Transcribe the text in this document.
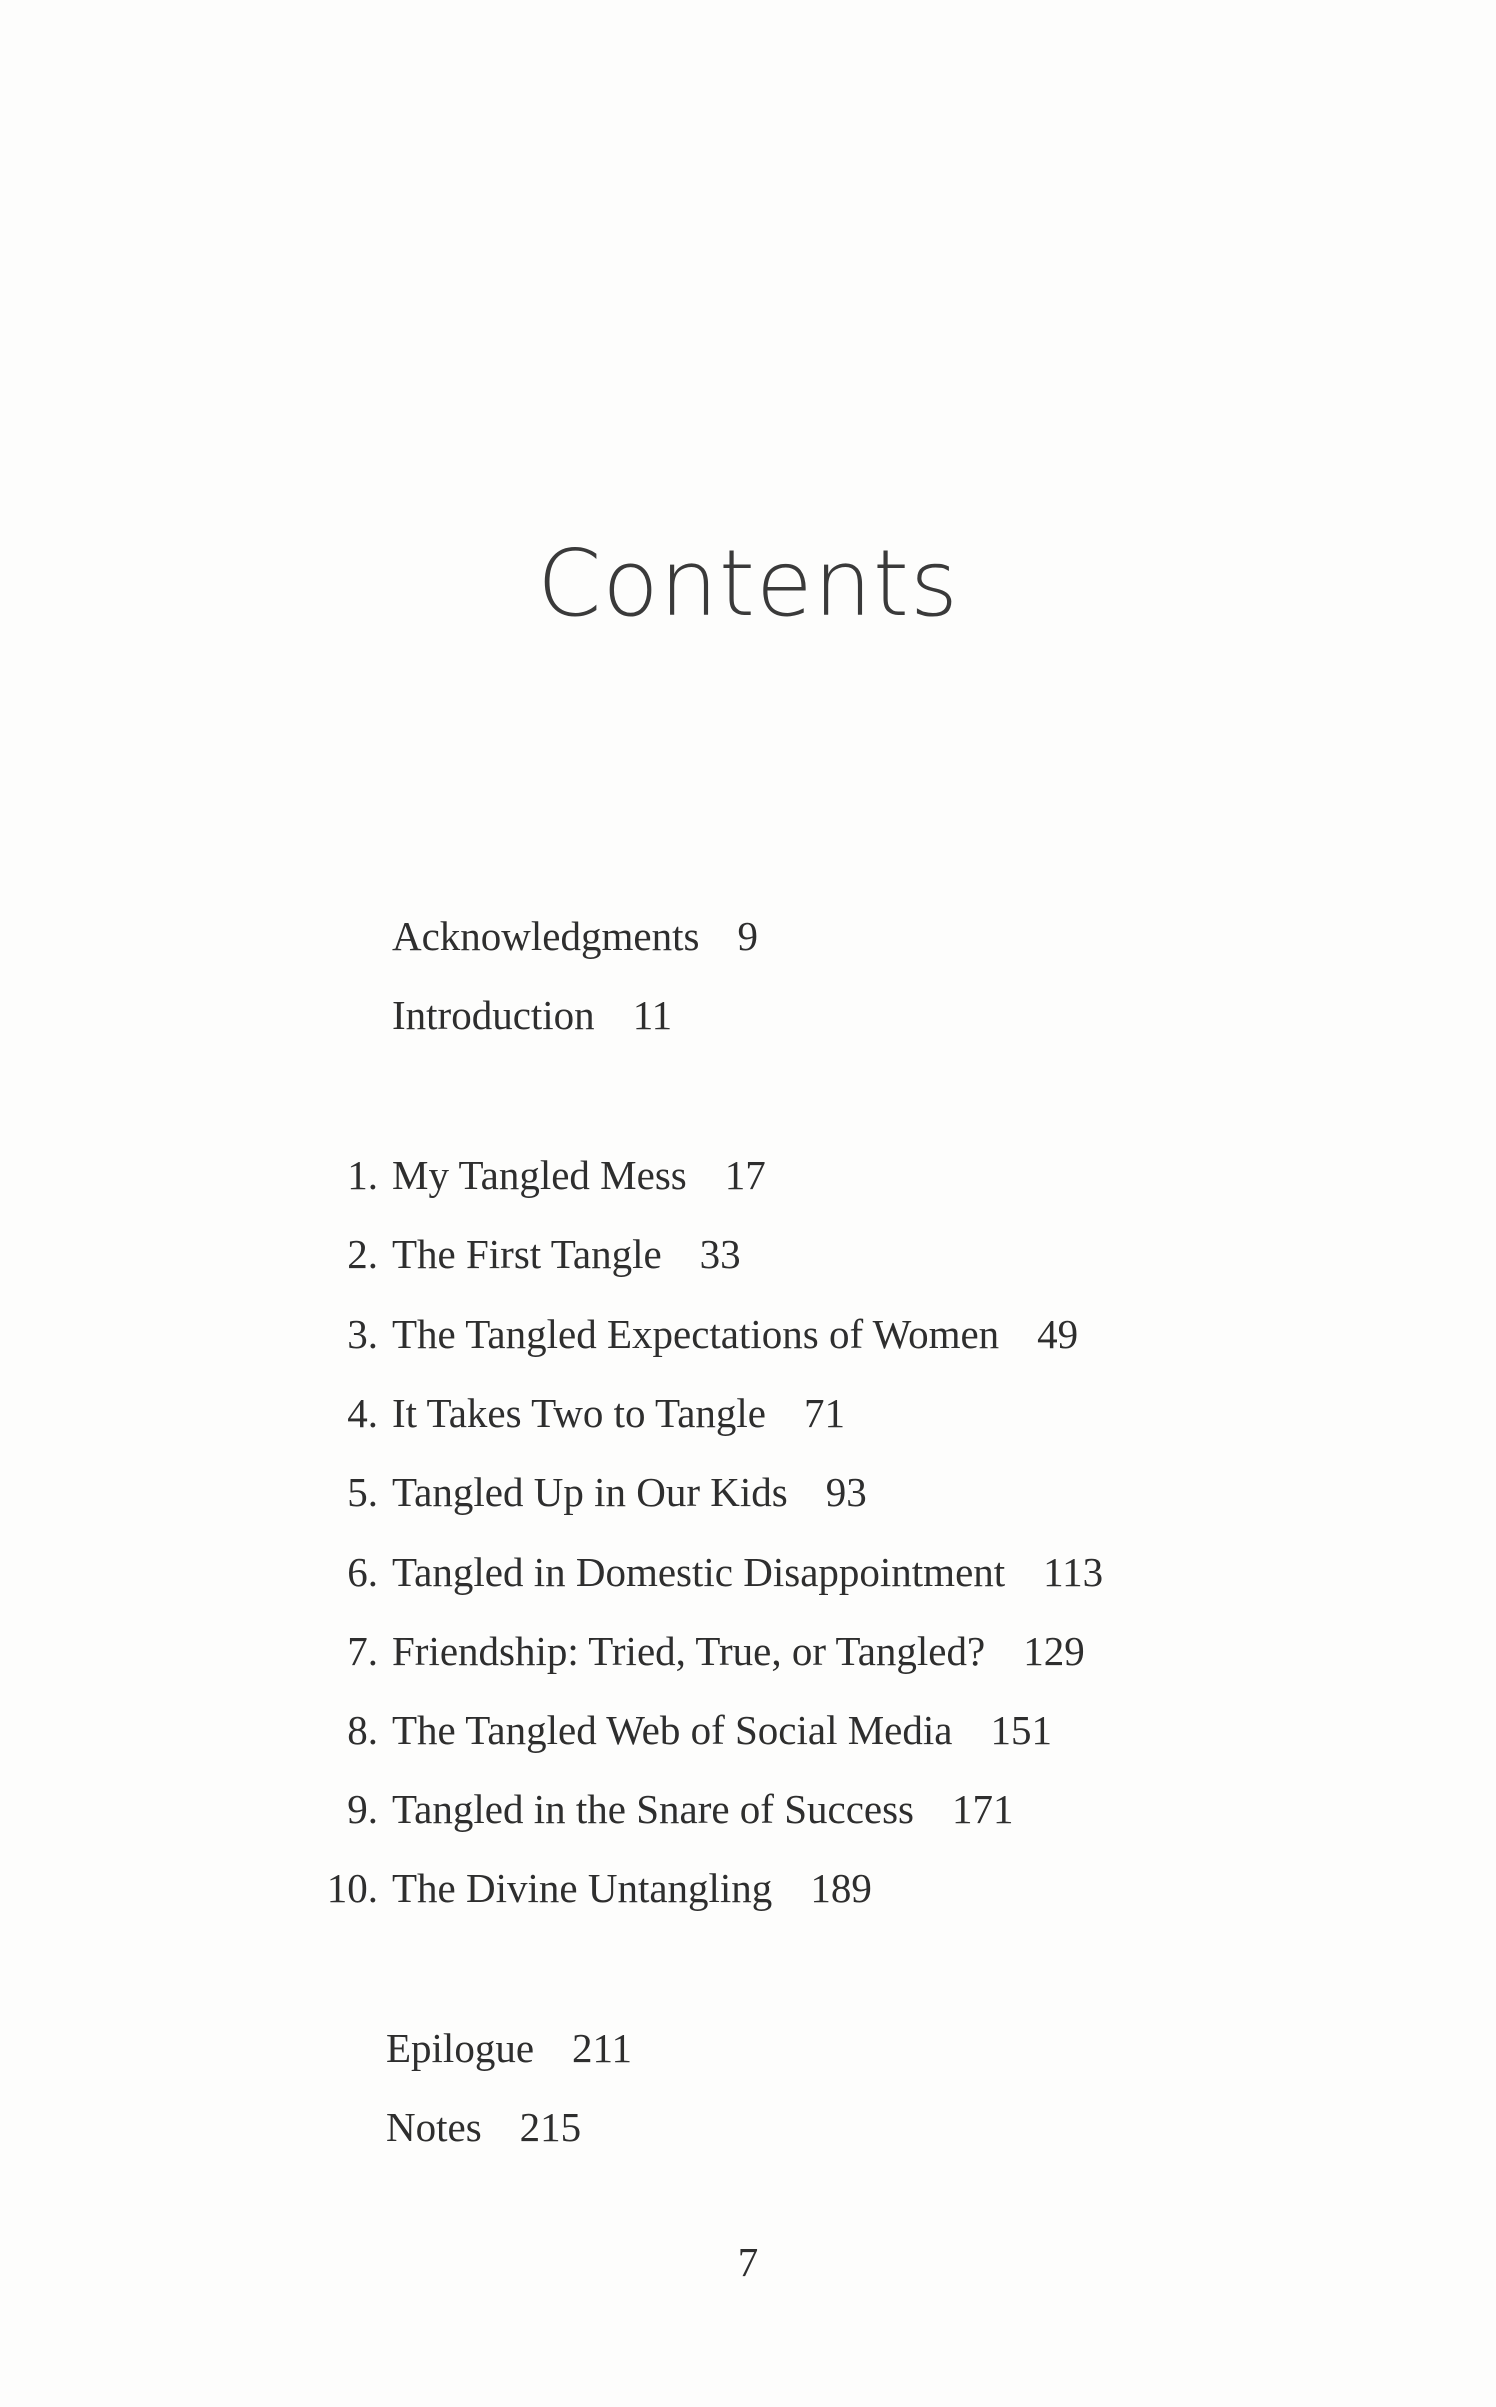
Contents
Acknowledgments 9
Introduction 11
1. My Tangled Mess 17
2. The First Tangle 33
3. The Tangled Expectations of Women 49
4. It Takes Two to Tangle 71
5. Tangled Up in Our Kids 93
6. Tangled in Domestic Disappointment 113
7. Friendship: Tried, True, or Tangled? 129
8. The Tangled Web of Social Media 151
9. Tangled in the Snare of Success 171
10. The Divine Untangling 189
Epilogue 211
Notes 215
7
